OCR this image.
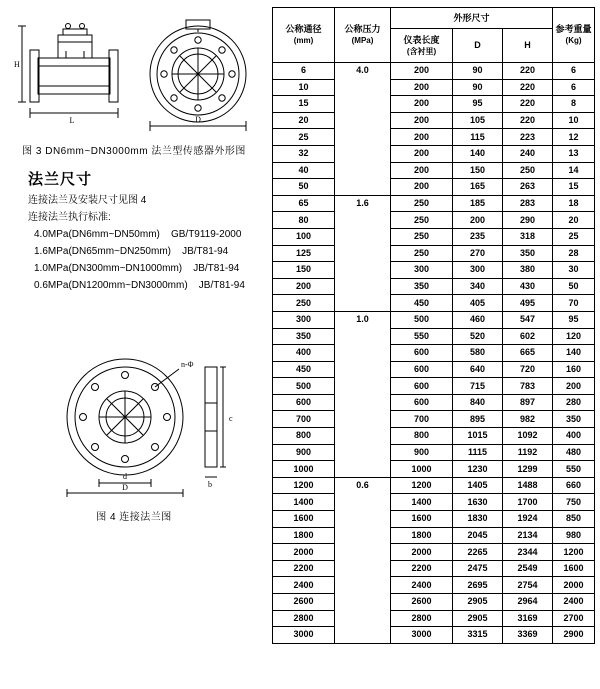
L
H
D
图 3 DN6mm~DN3000mm 法兰型传感器外形图
法兰尺寸
连接法兰及安装尺寸见图 4
连接法兰执行标准:
4.0MPa(DN6mm~DN50mm)    GB/T9119-2000
1.6MPa(DN65mm~DN250mm)    JB/T81-94
1.0MPa(DN300mm~DN1000mm)    JB/T81-94
0.6MPa(DN1200mm~DN3000mm)    JB/T81-94
n-Φ
d
D	b
c
图 4 连接法兰图
公称通径
(mm)	公称压力
(MPa)	外形尺寸			参考重量
(Kg)

		仪表长度
(含衬里)	D	H	
6	4.0	200	90	220	6
10		200	90	220	6
15		200	95	220	8
20		200	105	220	10
25		200	115	223	12
32		200	140	240	13
40		200	150	250	14
50		200	165	263	15
65	1.6	250	185	283	18
80		250	200	290	20
100		250	235	318	25
125		250	270	350	28
150		300	300	380	30
200		350	340	430	50
250		450	405	495	70
300	1.0	500	460	547	95
350		550	520	602	120
400		600	580	665	140
450		600	640	720	160
500		600	715	783	200
600		600	840	897	280
700		700	895	982	350
800		800	1015	1092	400
900		900	1115	1192	480
1000		1000	1230	1299	550
1200	0.6	1200	1405	1488	660
1400		1400	1630	1700	750
1600		1600	1830	1924	850
1800		1800	2045	2134	980
2000		2000	2265	2344	1200
2200		2200	2475	2549	1600
2400		2400	2695	2754	2000
2600		2600	2905	2964	2400
2800		2800	2905	3169	2700
3000		3000	3315	3369	2900
